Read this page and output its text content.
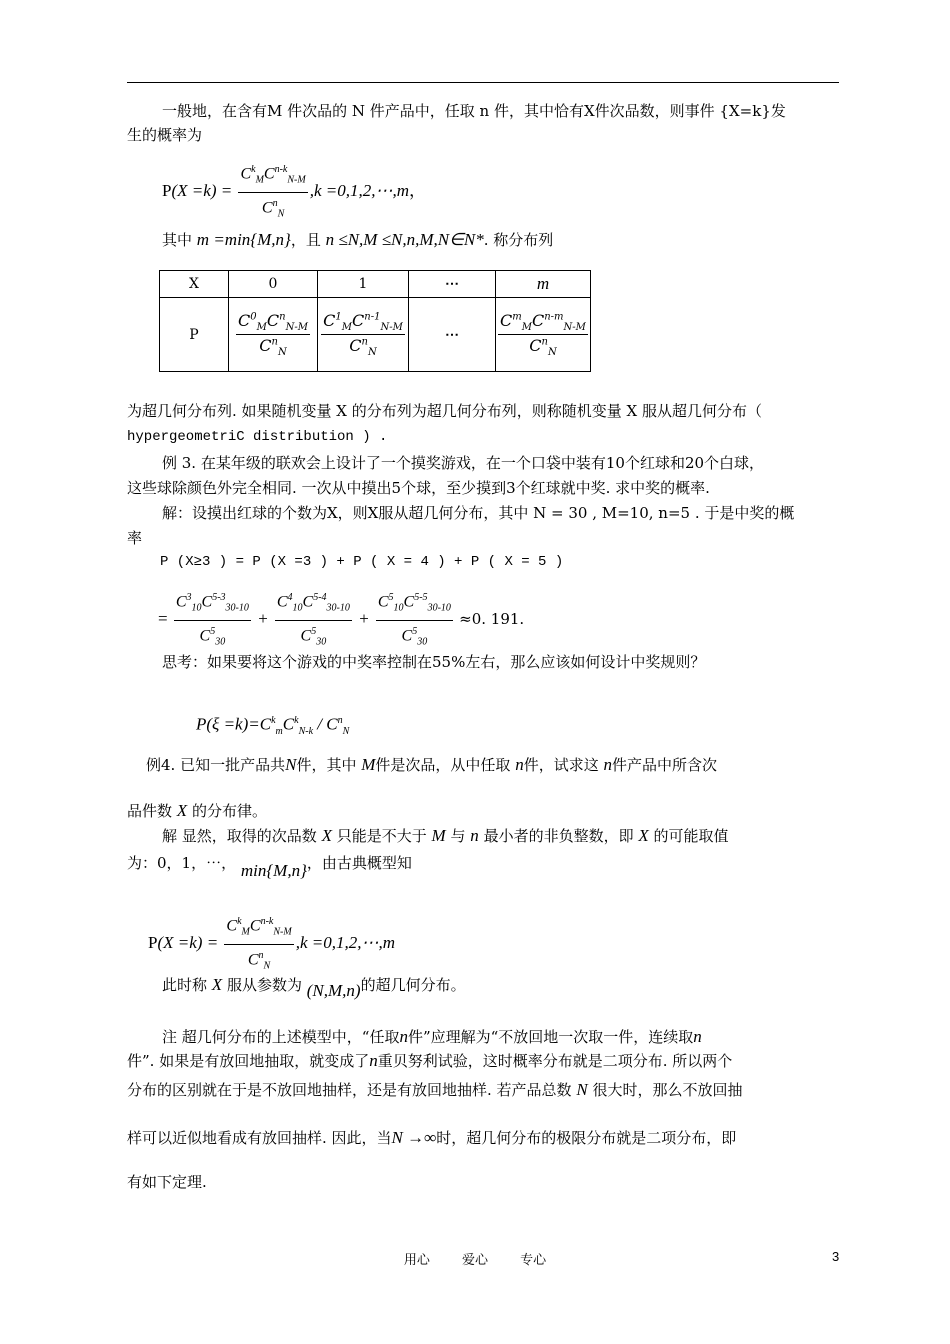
一般地，在含有M 件次品的 N 件产品中，任取 n 件，其中恰有X件次品数，则事件 {X=k}发
生的概率为
$P(X =k) = \frac{C^k_MC^{n-k}_{N-M}}{C^n_N} ,k$ =0,1,2,⋯,m，
其中 m =min{M,n}，且 n ≤N,M ≤N,n,M,N∈N*. 称分布列
X	0	1	⋯	m
P	$\frac{C^0_MC^n_{N-M}}{C^n_N}$	$\frac{C^1_MC^{n-1}_{N-M}}{C^n_N}$	⋯	$\frac{C^m_MC^{n-m}_{N-M}}{C^n_N}$
为超几何分布列. 如果随机变量 X 的分布列为超几何分布列，则称随机变量 X 服从超几何分布（
hypergeometriC distribution ) .
例 3. 在某年级的联欢会上设计了一个摸奖游戏，在一个口袋中装有10个红球和20个白球，
这些球除颜色外完全相同. 一次从中摸出5个球，至少摸到3个红球就中奖. 求中奖的概率.
解：设摸出红球的个数为X，则X服从超几何分布，其中 N = 30 , M=10, n=5 . 于是中奖的概
率
P (X≥3 ) = P (X =3 ) + P ( X = 4 ) + P ( X = 5 )
= $\frac{C^3_{10}C^{5-3}_{30-10}}{C^5_{30}} + \frac{C^4_{10}C^{5-4}_{30-10}}{C^5_{30}} + \frac{C^5_{10}C^{5-5}_{30-10}}{C^5_{30}} \approx 0$. 191.
思考：如果要将这个游戏的中奖率控制在55%左右，那么应该如何设计中奖规则？
$P(\xi =k)=C^k_mC^k_{N-k} / C^n_N$
例4. 已知一批产品共N件，其中 M件是次品，从中任取 n件，试求这 n件产品中所含次
品件数 X 的分布律。
解 显然，取得的次品数 X 只能是不大于 M 与 n 最小者的非负整数，即 X 的可能取值
为：0，1，⋯， min{M,n}，由古典概型知
$P(X =k) = \frac{C^k_MC^{n-k}_{N-M}}{C^n_N} ,k$ =0,1,2,⋯,m
此时称 X 服从参数为 (N,M,n)的超几何分布。
注 超几何分布的上述模型中，“任取n件”应理解为“不放回地一次取一件，连续取n
件”. 如果是有放回地抽取，就变成了n重贝努利试验，这时概率分布就是二项分布. 所以两个
分布的区别就在于是不放回地抽样，还是有放回地抽样. 若产品总数 N 很大时，那么不放回抽
样可以近似地看成有放回抽样. 因此，当N →∞时，超几何分布的极限分布就是二项分布，即
有如下定理.
用心 爱心 专心	3
